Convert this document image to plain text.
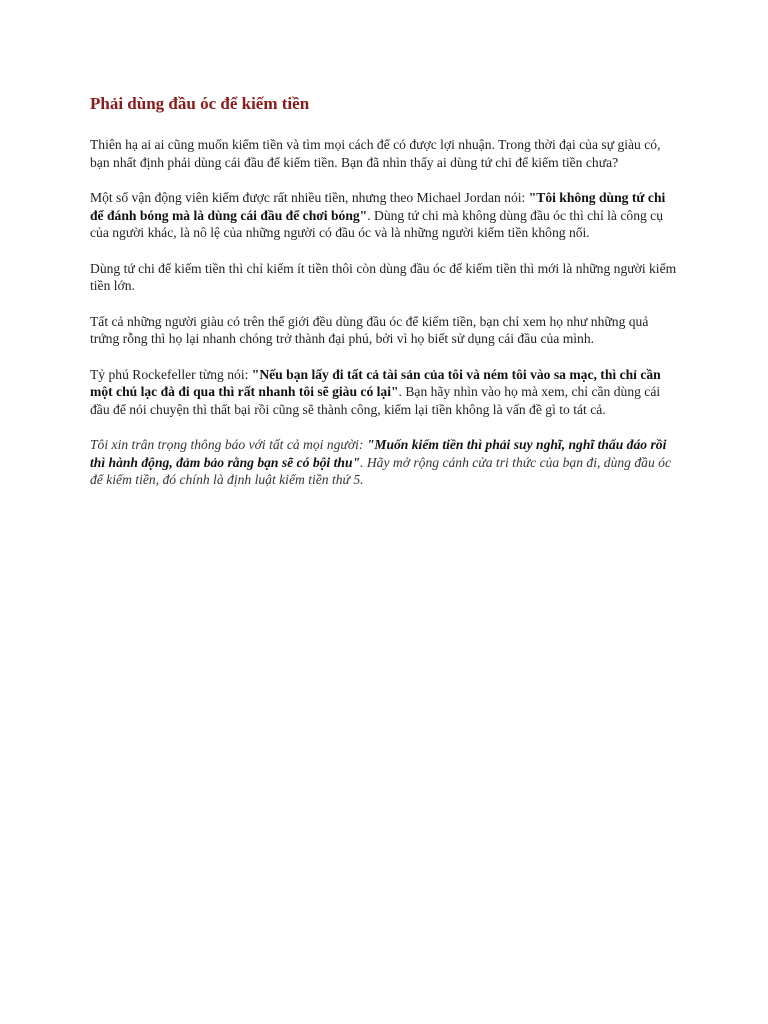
Phải dùng đầu óc để kiếm tiền

Thiên hạ ai ai cũng muốn kiếm tiền và tìm mọi cách để có được lợi nhuận. Trong thời đại của sự giàu có, bạn nhất định phải dùng cái đầu để kiếm tiền. Bạn đã nhìn thấy ai dùng tứ chi để kiếm tiền chưa?

Một số vận động viên kiếm được rất nhiều tiền, nhưng theo Michael Jordan nói: "Tôi không dùng tứ chi để đánh bóng mà là dùng cái đầu để chơi bóng". Dùng tứ chi mà không dùng đầu óc thì chỉ là công cụ của người khác, là nô lệ của những người có đầu óc và là những người kiếm tiền không nổi.

Dùng tứ chi để kiếm tiền thì chỉ kiếm ít tiền thôi còn dùng đầu óc để kiếm tiền thì mới là những người kiếm tiền lớn.

Tất cả những người giàu có trên thế giới đều dùng đầu óc để kiếm tiền, bạn chỉ xem họ như những quả trứng rỗng thì họ lại nhanh chóng trở thành đại phú, bởi vì họ biết sử dụng cái đầu của mình.

Tỷ phú Rockefeller từng nói: "Nếu bạn lấy đi tất cả tài sản của tôi và ném tôi vào sa mạc, thì chỉ cần một chú lạc đà đi qua thì rất nhanh tôi sẽ giàu có lại". Bạn hãy nhìn vào họ mà xem, chỉ cần dùng cái đầu để nói chuyện thì thất bại rồi cũng sẽ thành công, kiếm lại tiền không là vấn đề gì to tát cả.

Tôi xin trân trọng thông báo với tất cả mọi người: "Muốn kiếm tiền thì phải suy nghĩ, nghĩ thấu đáo rồi thì hành động, đảm bảo rằng bạn sẽ có bội thu". Hãy mở rộng cánh cửa tri thức của bạn đi, dùng đầu óc để kiếm tiền, đó chính là định luật kiếm tiền thứ 5.
